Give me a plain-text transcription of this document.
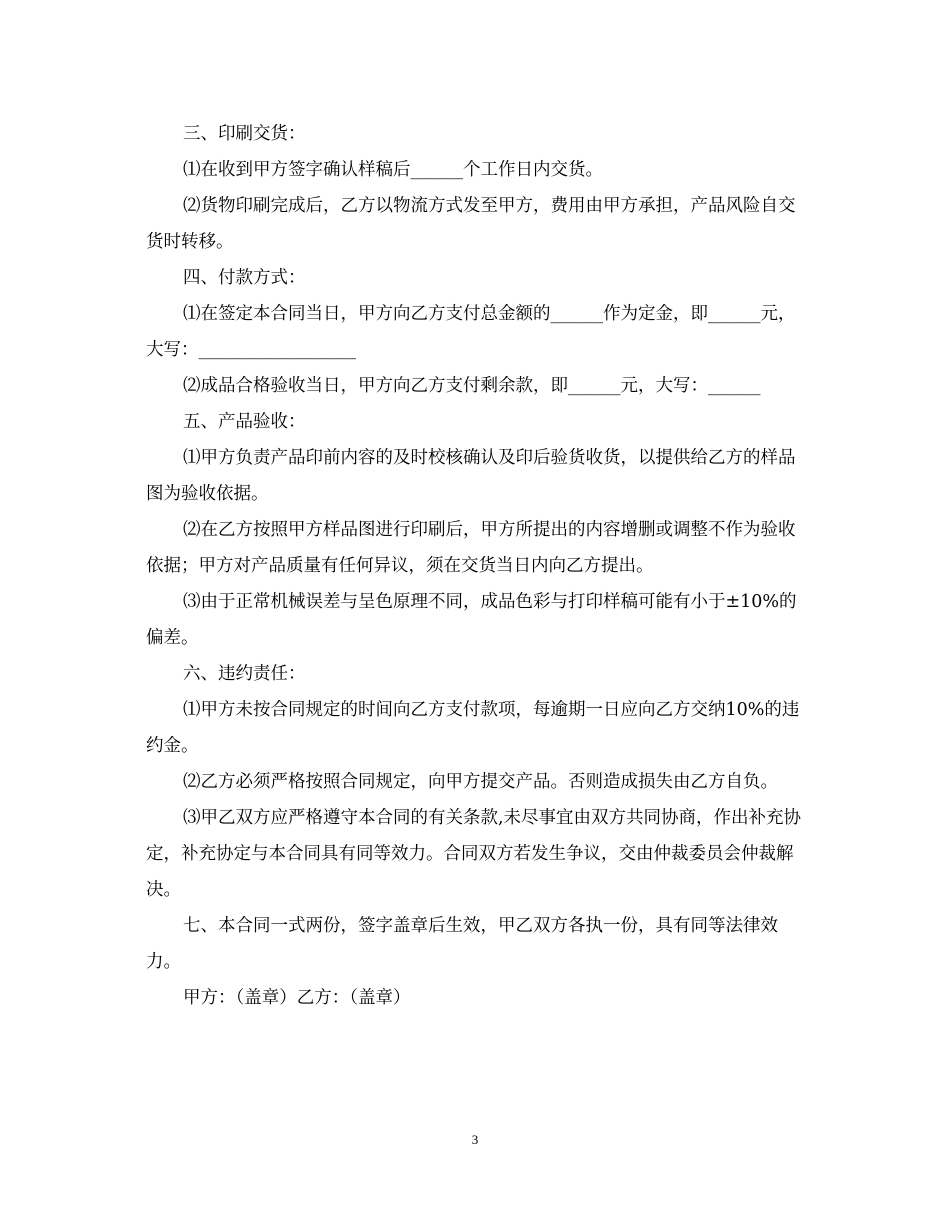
三、印刷交货：

⑴在收到甲方签字确认样稿后______个工作日内交货。

⑵货物印刷完成后，乙方以物流方式发至甲方，费用由甲方承担，产品风险自交货时转移。

四、付款方式：

⑴在签定本合同当日，甲方向乙方支付总金额的______作为定金，即______元，大写：__________________

⑵成品合格验收当日，甲方向乙方支付剩余款，即______元，大写：______

五、产品验收：

⑴甲方负责产品印前内容的及时校核确认及印后验货收货，以提供给乙方的样品图为验收依据。

⑵在乙方按照甲方样品图进行印刷后，甲方所提出的内容增删或调整不作为验收依据；甲方对产品质量有任何异议，须在交货当日内向乙方提出。

⑶由于正常机械误差与呈色原理不同，成品色彩与打印样稿可能有小于±10%的偏差。

六、违约责任：

⑴甲方未按合同规定的时间向乙方支付款项，每逾期一日应向乙方交纳10%的违约金。

⑵乙方必须严格按照合同规定，向甲方提交产品。否则造成损失由乙方自负。

⑶甲乙双方应严格遵守本合同的有关条款,未尽事宜由双方共同协商，作出补充协定，补充协定与本合同具有同等效力。合同双方若发生争议，交由仲裁委员会仲裁解决。

七、本合同一式两份，签字盖章后生效，甲乙双方各执一份，具有同等法律效力。

甲方：（盖章）乙方：（盖章）

3
